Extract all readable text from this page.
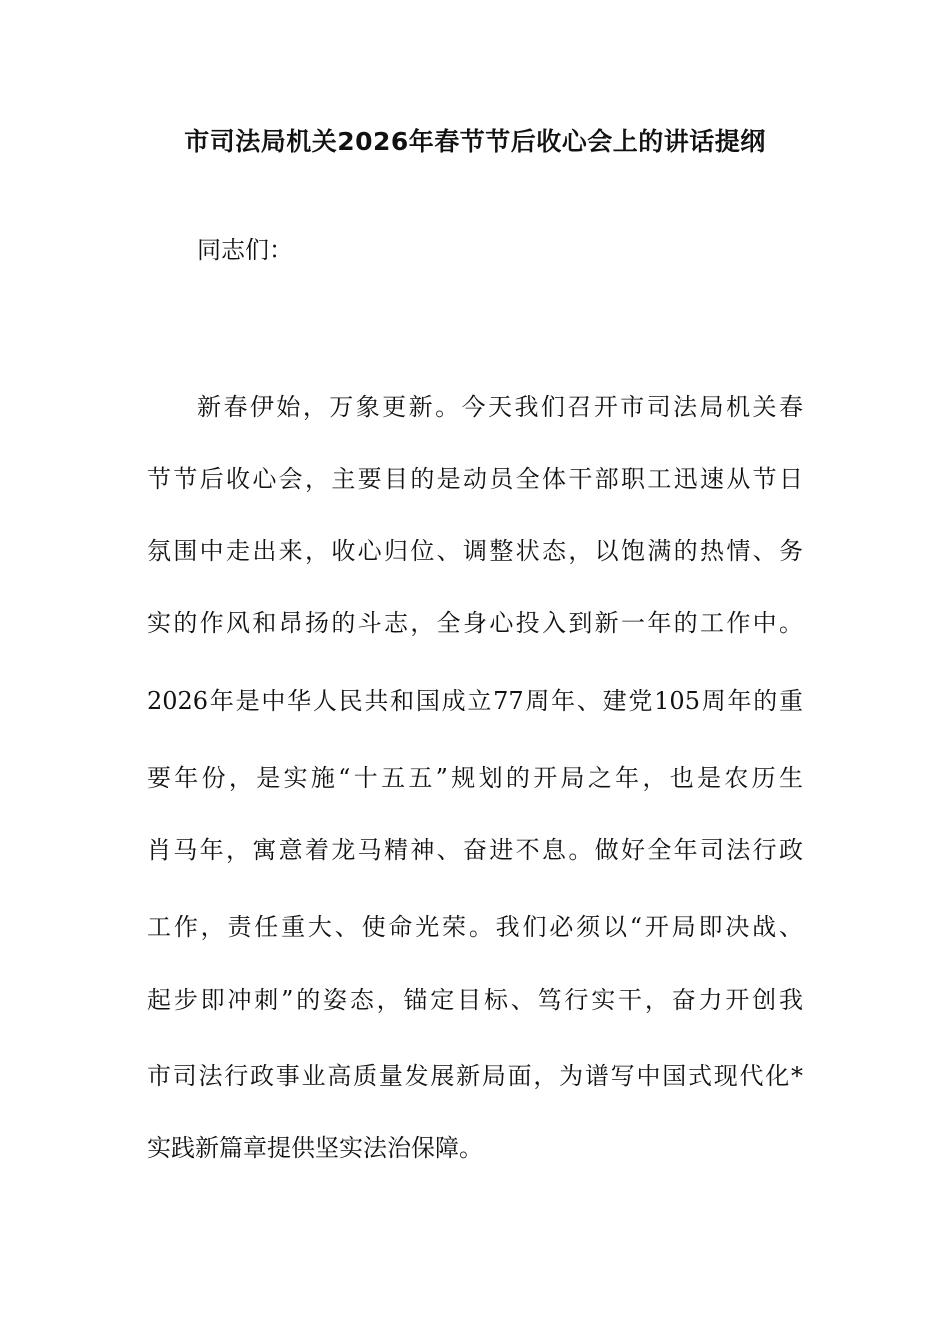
市司法局机关2026年春节节后收心会上的讲话提纲
同志们：
新春伊始，万象更新。今天我们召开市司法局机关春
节节后收心会，主要目的是动员全体干部职工迅速从节日
氛围中走出来，收心归位、调整状态，以饱满的热情、务
实的作风和昂扬的斗志，全身心投入到新一年的工作中。
2026年是中华人民共和国成立77周年、建党105周年的重
要年份，是实施“十五五”规划的开局之年，也是农历生
肖马年，寓意着龙马精神、奋进不息。做好全年司法行政
工作，责任重大、使命光荣。我们必须以“开局即决战、
起步即冲刺”的姿态，锚定目标、笃行实干，奋力开创我
市司法行政事业高质量发展新局面，为谱写中国式现代化*
实践新篇章提供坚实法治保障。
